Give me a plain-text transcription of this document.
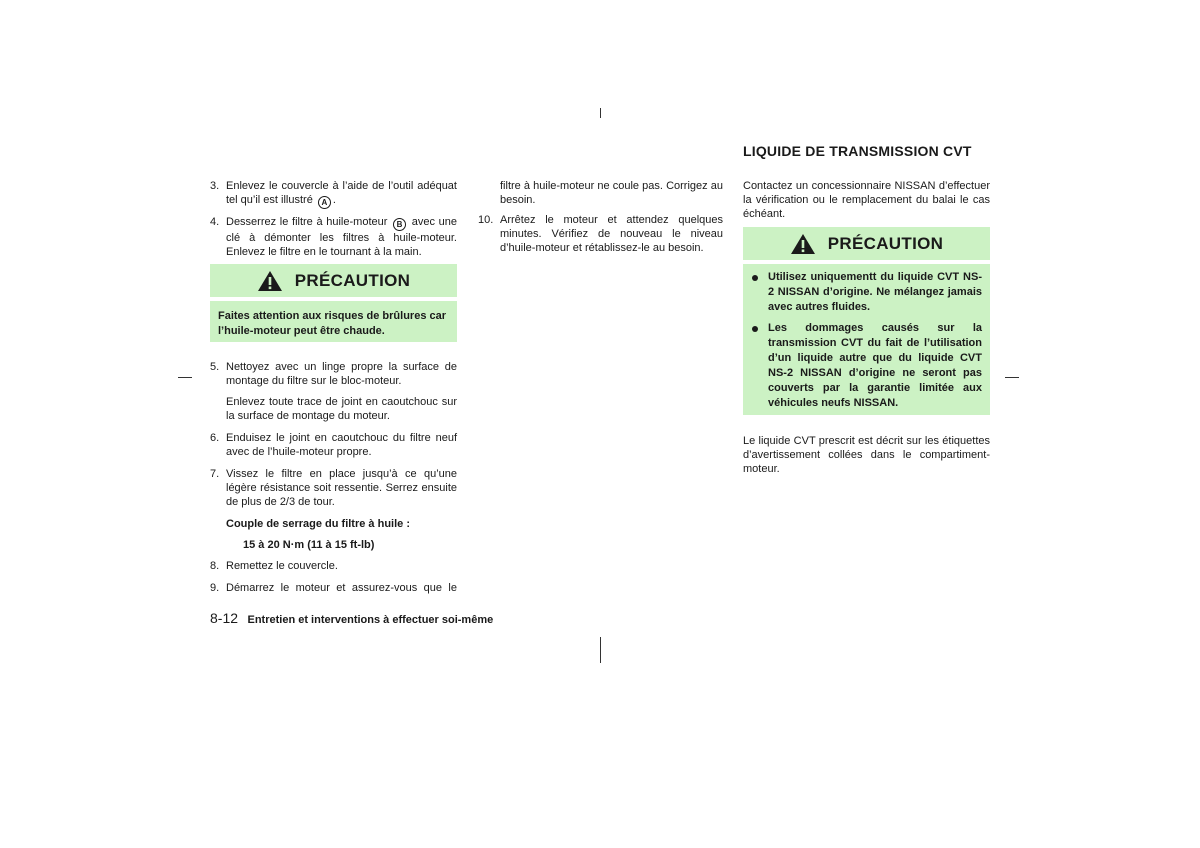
3. Enlevez le couvercle à l’aide de l’outil adéquat tel qu’il est illustré A .

4. Desserrez le filtre à huile-moteur B avec une clé à démonter les filtres à huile-moteur. Enlevez le filtre en le tournant à la main.

PRÉCAUTION

Faites attention aux risques de brûlures car l’huile-moteur peut être chaude.

5. Nettoyez avec un linge propre la surface de montage du filtre sur le bloc-moteur.

Enlevez toute trace de joint en caoutchouc sur la surface de montage du moteur.

6. Enduisez le joint en caoutchouc du filtre neuf avec de l’huile-moteur propre.

7. Vissez le filtre en place jusqu’à ce qu’une légère résistance soit ressentie. Serrez ensuite de plus de 2/3 de tour.

Couple de serrage du filtre à huile :
15 à 20 N·m (11 à 15 ft-lb)
8. Remettez le couvercle.

9. Démarrez le moteur et assurez-vous que le

filtre à huile-moteur ne coule pas. Corrigez au besoin.

10. Arrêtez le moteur et attendez quelques minutes. Vérifiez de nouveau le niveau d’huile-moteur et rétablissez-le au besoin.

LIQUIDE DE TRANSMISSION CVT

Contactez un concessionnaire NISSAN d’effectuer la vérification ou le remplacement du balai le cas échéant.

PRÉCAUTION
Utilisez uniquementt du liquide CVT NS-2 NISSAN d’origine. Ne mélangez jamais avec autres fluides.
Les dommages causés sur la transmission CVT du fait de l’utilisation d’un liquide autre que du liquide CVT NS-2 NISSAN d’origine ne seront pas couverts par la garantie limitée aux véhicules neufs NISSAN.

Le liquide CVT prescrit est décrit sur les étiquettes d’avertissement collées dans le compartiment-moteur.

8-12 Entretien et interventions à effectuer soi-même
